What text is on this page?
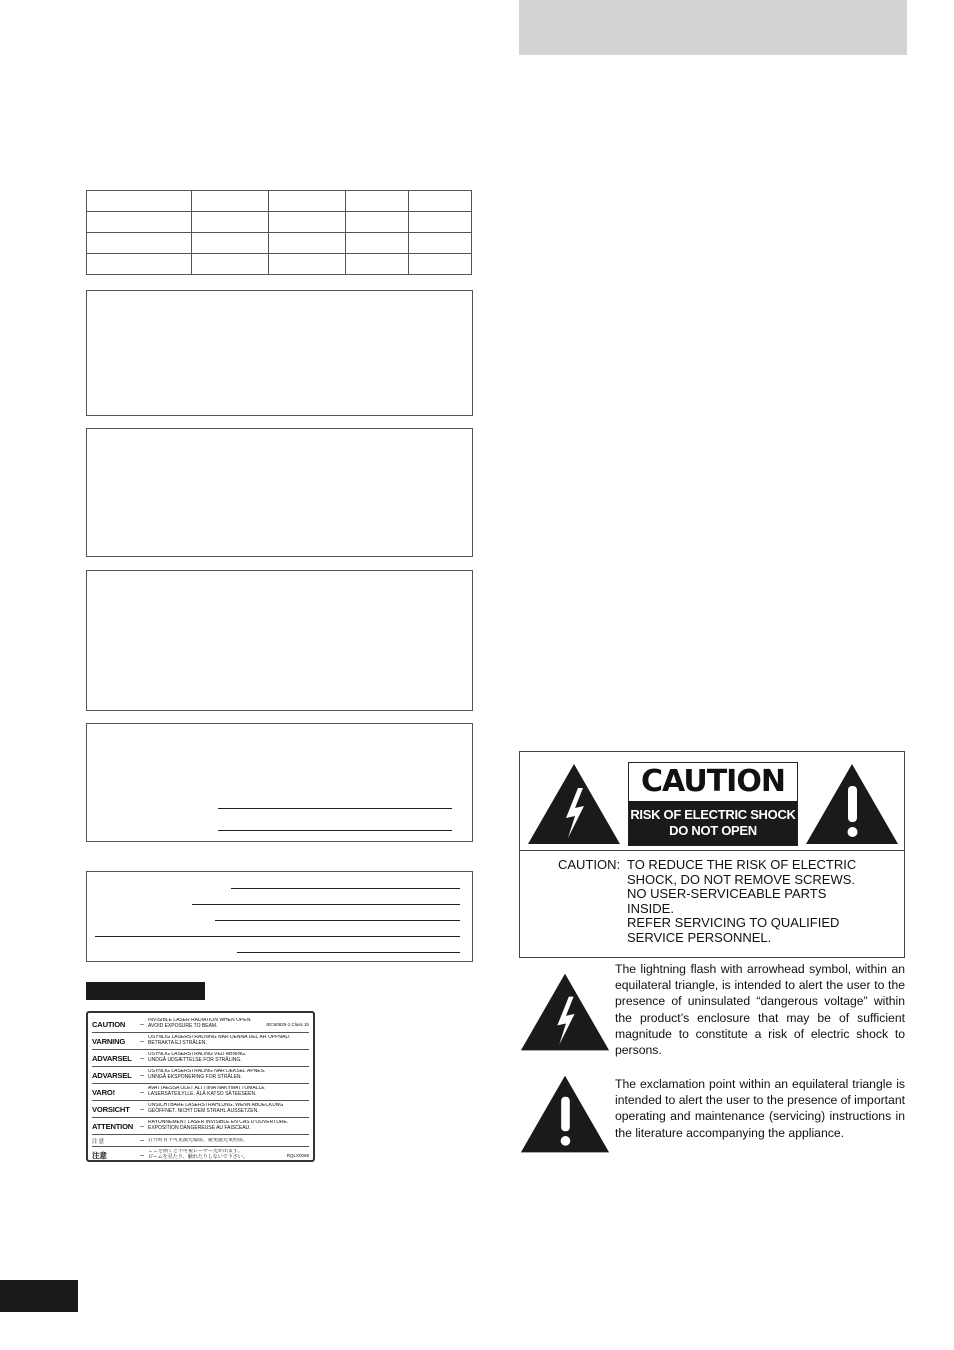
CAUTION	–
INVISIBLE LASER RADIATION WHEN OPEN.
AVOID EXPOSURE TO BEAM.	IEC60825-1 Class 1b
VARNING	–
OSYNLIG LASERSTRÅLNING NÄR DENNA DEL ÄR ÖPPNAD.
BETRAKTA EJ STRÅLEN.
ADVARSEL	–
USYNLIG LASERSTRÅLING VED ÅBNING.
UNDGÅ UDSÆTTELSE FOR STRÅLING.
ADVARSEL	–
USYNLIG LASERSTRÅLING NÅR DEKSEL ÅPNES.
UNNGÅ EKSPONERING FOR STRÅLEN.
VARO!	–
AVATTAESSA OLET ALTTIINA NÄKYMÄTTÖMÄLLE
LASERSÄTEILYLLE. ÄLÄ KATSO SÄTEESEEN.
VORSICHT	–
UNSICHTBARE LASERSTRAHLUNG, WENN ABDECKUNG
GEÖFFNET. NICHT DEM STRAHL AUSSETZEN.
ATTENTION –
RAYONNEMENT LASER INVISIBLE EN CAS D'OUVERTURE.
EXPOSITION DANGEREUSE AU FAISCEAU.
注 意	– 打开时有不可见激光辐射，避免激光束照射。
注意	–
ここを開くと不可視レーザー光が出ます。
ビームを見たり、触れたりしないで下さい。	RQLX0069
CAUTION
RISK OF ELECTRIC SHOCK
DO NOT OPEN
CAUTION: TO REDUCE THE RISK OF ELECTRIC
SHOCK, DO NOT REMOVE SCREWS.
NO USER-SERVICEABLE PARTS
INSIDE.
REFER SERVICING TO QUALIFIED
SERVICE PERSONNEL.
The lightning flash with arrowhead symbol, within an equilateral triangle, is intended to alert the user to the presence of uninsulated “dangerous voltage” within the product’s enclosure that may be of sufficient magnitude to constitute a risk of electric shock to persons.
The exclamation point within an equilateral triangle is intended to alert the user to the presence of important operating and maintenance (servicing) instructions in the literature accompanying the appliance.
